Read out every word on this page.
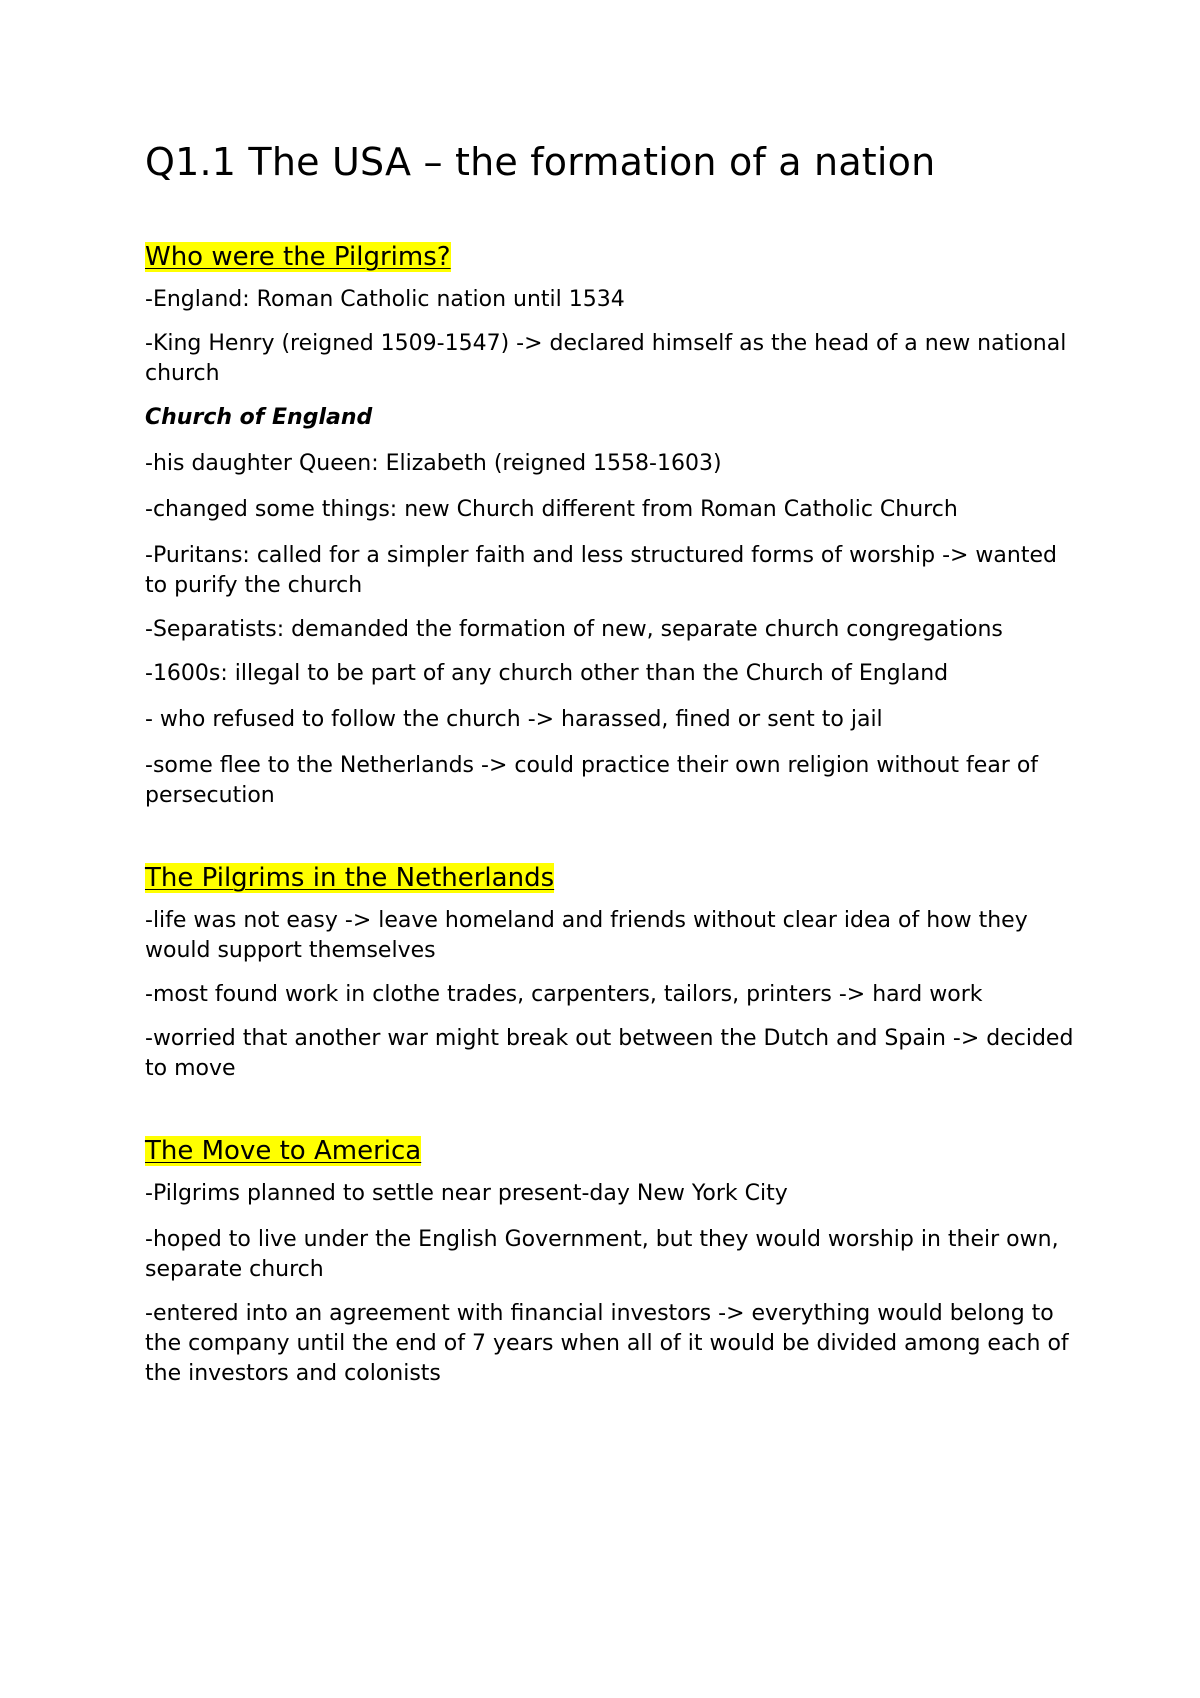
Q1.1 The USA – the formation of a nation
Who were the Pilgrims?

-England: Roman Catholic nation until 1534

-King Henry (reigned 1509-1547) -> declared himself as the head of a new national church

Church of England

-his daughter Queen: Elizabeth (reigned 1558-1603)

-changed some things: new Church different from Roman Catholic Church

-Puritans: called for a simpler faith and less structured forms of worship -> wanted to purify the church

-Separatists: demanded the formation of new, separate church congregations

-1600s: illegal to be part of any church other than the Church of England

- who refused to follow the church -> harassed, fined or sent to jail

-some flee to the Netherlands -> could practice their own religion without fear of persecution

The Pilgrims in the Netherlands

-life was not easy -> leave homeland and friends without clear idea of how they would support themselves

-most found work in clothe trades, carpenters, tailors, printers -> hard work

-worried that another war might break out between the Dutch and Spain -> decided to move

The Move to America

-Pilgrims planned to settle near present-day New York City

-hoped to live under the English Government, but they would worship in their own, separate church

-entered into an agreement with financial investors -> everything would belong to the company until the end of 7 years when all of it would be divided among each of the investors and colonists
